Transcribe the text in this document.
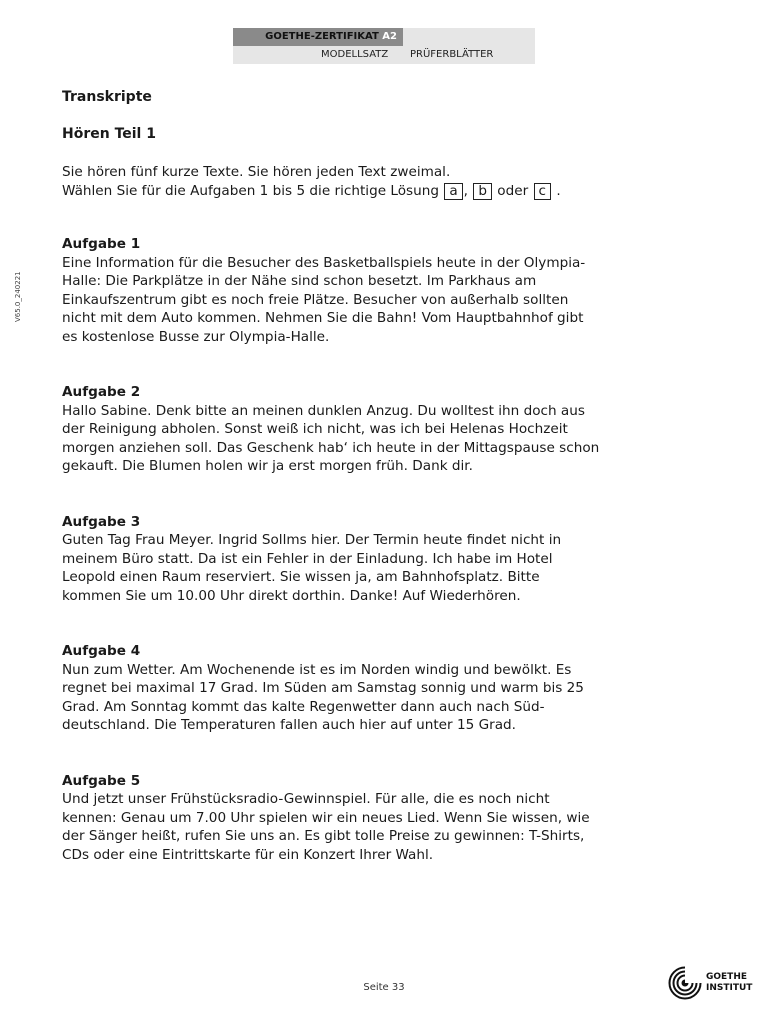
GOETHE-ZERTIFIKAT A2
MODELLSATZ PRÜFERBLÄTTER
V65.0_240221

Transkripte

Hören Teil 1

Sie hören fünf kurze Texte. Sie hören jeden Text zweimal.
Wählen Sie für die Aufgaben 1 bis 5 die richtige Lösung a , b oder c .

Aufgabe 1

Eine Information für die Besucher des Basketballspiels heute in der Olympia-
Halle: Die Parkplätze in der Nähe sind schon besetzt. Im Parkhaus am
Einkaufszentrum gibt es noch freie Plätze. Besucher von außerhalb sollten
nicht mit dem Auto kommen. Nehmen Sie die Bahn! Vom Hauptbahnhof gibt
es kostenlose Busse zur Olympia-Halle.

Aufgabe 2

Hallo Sabine. Denk bitte an meinen dunklen Anzug. Du wolltest ihn doch aus
der Reinigung abholen. Sonst weiß ich nicht, was ich bei Helenas Hochzeit
morgen anziehen soll. Das Geschenk hab‘ ich heute in der Mittagspause schon
gekauft. Die Blumen holen wir ja erst morgen früh. Dank dir.

Aufgabe 3

Guten Tag Frau Meyer. Ingrid Sollms hier. Der Termin heute findet nicht in
meinem Büro statt. Da ist ein Fehler in der Einladung. Ich habe im Hotel
Leopold einen Raum reserviert. Sie wissen ja, am Bahnhofsplatz. Bitte
kommen Sie um 10.00 Uhr direkt dorthin. Danke! Auf Wiederhören.

Aufgabe 4

Nun zum Wetter. Am Wochenende ist es im Norden windig und bewölkt. Es
regnet bei maximal 17 Grad. Im Süden am Samstag sonnig und warm bis 25
Grad. Am Sonntag kommt das kalte Regenwetter dann auch nach Süd-
deutschland. Die Temperaturen fallen auch hier auf unter 15 Grad.

Aufgabe 5

Und jetzt unser Frühstücksradio-Gewinnspiel. Für alle, die es noch nicht
kennen: Genau um 7.00 Uhr spielen wir ein neues Lied. Wenn Sie wissen, wie
der Sänger heißt, rufen Sie uns an. Es gibt tolle Preise zu gewinnen: T-Shirts,
CDs oder eine Eintrittskarte für ein Konzert Ihrer Wahl.
Seite 33
GOETHE
INSTITUT
